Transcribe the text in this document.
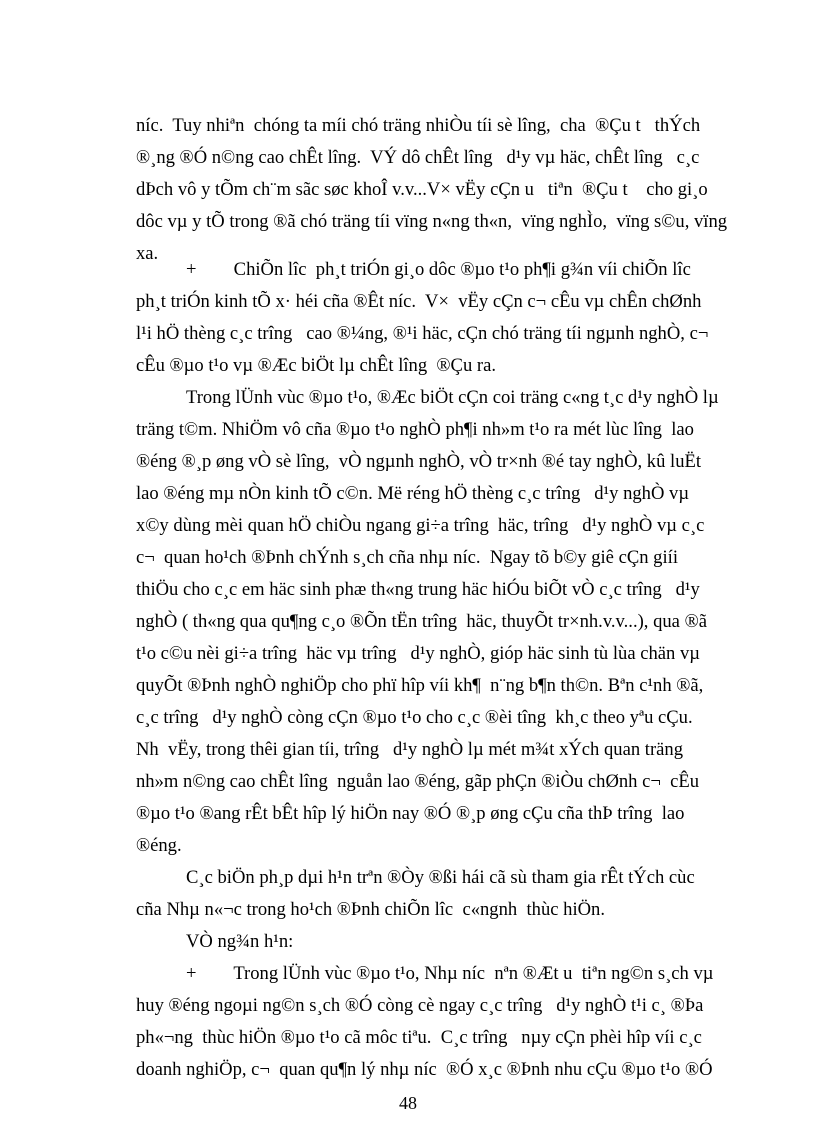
níc.  Tuy nhiªn  chóng ta míi chó träng nhiÒu tíi sè lîng,  cha  ®Çu t   thÝch
®¸ng ®Ó n©ng cao chÊt lîng.  VÝ dô chÊt lîng   d¹y vµ häc, chÊt lîng   c¸c
dÞch vô y tÕm ch¨m sãc søc khoÎ v.v...V× vËy cÇn u   tiªn  ®Çu t    cho gi¸o
dôc vµ y tÕ trong ®ã chó träng tíi vïng n«ng th«n,  vïng nghÌo,  vïng s©u, vïng
xa.
+        ChiÕn lîc  ph¸t triÓn gi¸o dôc ®µo t¹o ph¶i g¾n víi chiÕn lîc
ph¸t triÓn kinh tÕ x· héi cña ®Êt níc.  V×  vËy cÇn c¬ cÊu vµ chÊn chØnh
l¹i hÖ thèng c¸c trîng   cao ®¼ng, ®¹i häc, cÇn chó träng tíi ngµnh nghÒ, c¬
cÊu ®µo t¹o vµ ®Æc biÖt lµ chÊt lîng  ®Çu ra.
Trong lÜnh vùc ®µo t¹o, ®Æc biÖt cÇn coi träng c«ng t¸c d¹y nghÒ lµ
träng t©m. NhiÖm vô cña ®µo t¹o nghÒ ph¶i nh»m t¹o ra mét lùc lîng  lao
®éng ®¸p øng vÒ sè lîng,  vÒ ngµnh nghÒ, vÒ tr×nh ®é tay nghÒ, kû luËt
lao ®éng mµ nÒn kinh tÕ c©n. Më réng hÖ thèng c¸c trîng   d¹y nghÒ vµ
x©y dùng mèi quan hÖ chiÒu ngang gi÷a trîng  häc, trîng   d¹y nghÒ vµ c¸c
c¬  quan ho¹ch ®Þnh chÝnh s¸ch cña nhµ níc.  Ngay tõ b©y giê cÇn giíi
thiÖu cho c¸c em häc sinh phæ th«ng trung häc hiÓu biÕt vÒ c¸c trîng   d¹y
nghÒ ( th«ng qua qu¶ng c¸o ®Õn tËn trîng  häc, thuyÕt tr×nh.v.v...), qua ®ã
t¹o c©u nèi gi÷a trîng  häc vµ trîng   d¹y nghÒ, gióp häc sinh tù lùa chän vµ
quyÕt ®Þnh nghÒ nghiÖp cho phï hîp víi kh¶  n¨ng b¶n th©n. Bªn c¹nh ®ã,
c¸c trîng   d¹y nghÒ còng cÇn ®µo t¹o cho c¸c ®èi tîng  kh¸c theo yªu cÇu.
Nh  vËy, trong thêi gian tíi, trîng   d¹y nghÒ lµ mét m¾t xÝch quan träng
nh»m n©ng cao chÊt lîng  nguån lao ®éng, gãp phÇn ®iÒu chØnh c¬  cÊu
®µo t¹o ®ang rÊt bÊt hîp lý hiÖn nay ®Ó ®¸p øng cÇu cña thÞ trîng  lao
®éng.
C¸c biÖn ph¸p dµi h¹n trªn ®Òy ®ßi hái cã sù tham gia rÊt tÝch cùc
cña Nhµ n«¬c trong ho¹ch ®Þnh chiÕn lîc  c«ngnh  thùc hiÖn.
VÒ ng¾n h¹n:
+        Trong lÜnh vùc ®µo t¹o, Nhµ níc  nªn ®Æt u  tiªn ng©n s¸ch vµ
huy ®éng ngoµi ng©n s¸ch ®Ó còng cè ngay c¸c trîng   d¹y nghÒ t¹i c¸ ®Þa
ph«¬ng  thùc hiÖn ®µo t¹o cã môc tiªu.  C¸c trîng   nµy cÇn phèi hîp víi c¸c
doanh nghiÖp, c¬  quan qu¶n lý nhµ níc  ®Ó x¸c ®Þnh nhu cÇu ®µo t¹o ®Ó
48
